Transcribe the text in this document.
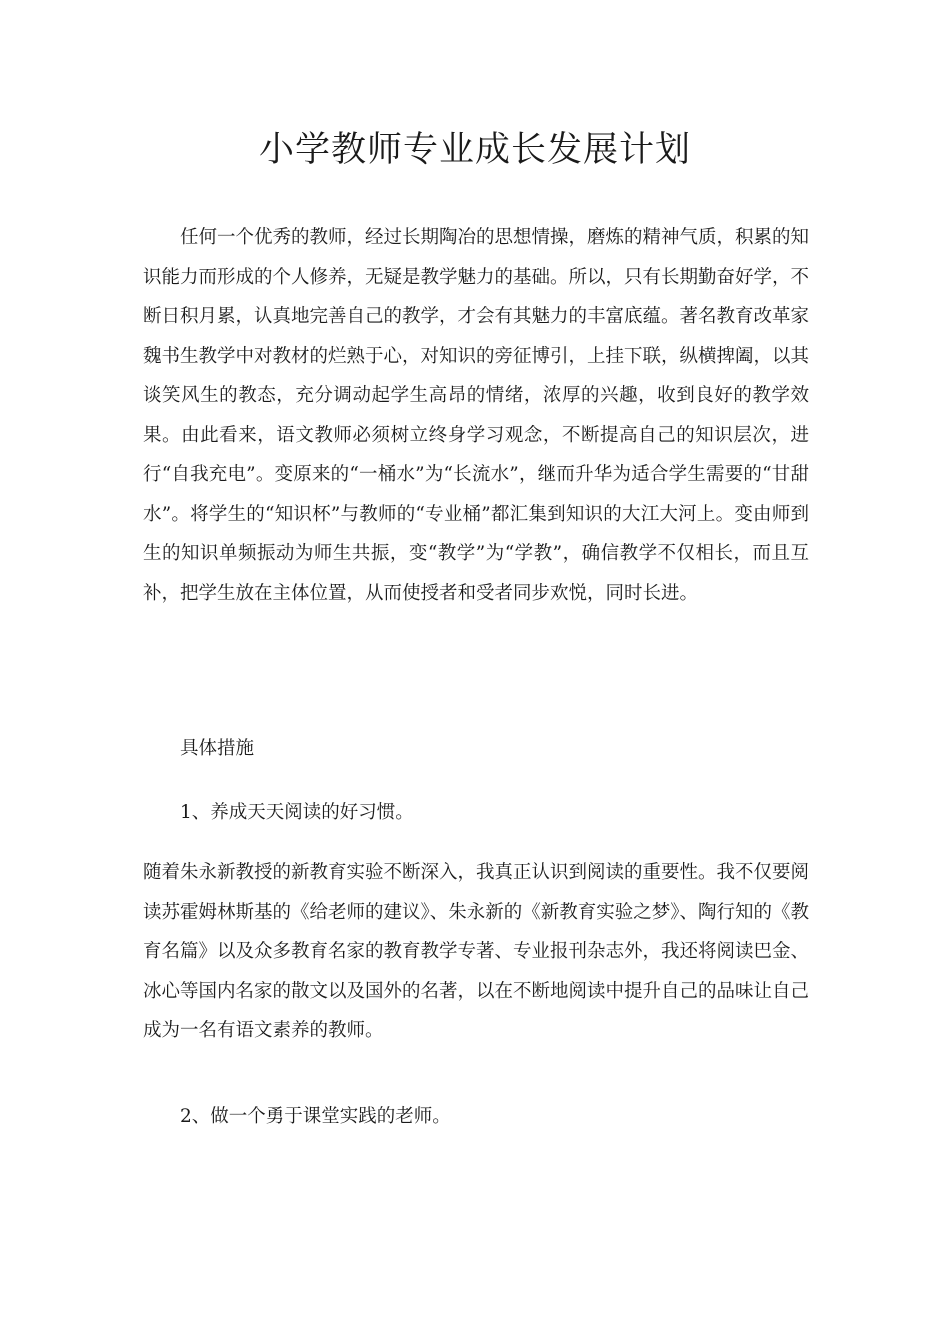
小学教师专业成长发展计划

任何一个优秀的教师，经过长期陶冶的思想情操，磨炼的精神气质，积累的知识能力而形成的个人修养，无疑是教学魅力的基础。所以，只有长期勤奋好学，不断日积月累，认真地完善自己的教学，才会有其魅力的丰富底蕴。著名教育改革家魏书生教学中对教材的烂熟于心，对知识的旁征博引，上挂下联，纵横捭阖，以其谈笑风生的教态，充分调动起学生高昂的情绪，浓厚的兴趣，收到良好的教学效果。由此看来，语文教师必须树立终身学习观念，不断提高自己的知识层次，进行“自我充电”。变原来的“一桶水”为“长流水”，继而升华为适合学生需要的“甘甜水”。将学生的“知识杯”与教师的“专业桶”都汇集到知识的大江大河上。变由师到生的知识单频振动为师生共振，变“教学”为“学教”，确信教学不仅相长，而且互补，把学生放在主体位置，从而使授者和受者同步欢悦，同时长进。

具体措施

1、养成天天阅读的好习惯。

随着朱永新教授的新教育实验不断深入，我真正认识到阅读的重要性。我不仅要阅读苏霍姆林斯基的《给老师的建议》、朱永新的《新教育实验之梦》、陶行知的《教育名篇》以及众多教育名家的教育教学专著、专业报刊杂志外，我还将阅读巴金、冰心等国内名家的散文以及国外的名著，以在不断地阅读中提升自己的品味让自己成为一名有语文素养的教师。

2、做一个勇于课堂实践的老师。
